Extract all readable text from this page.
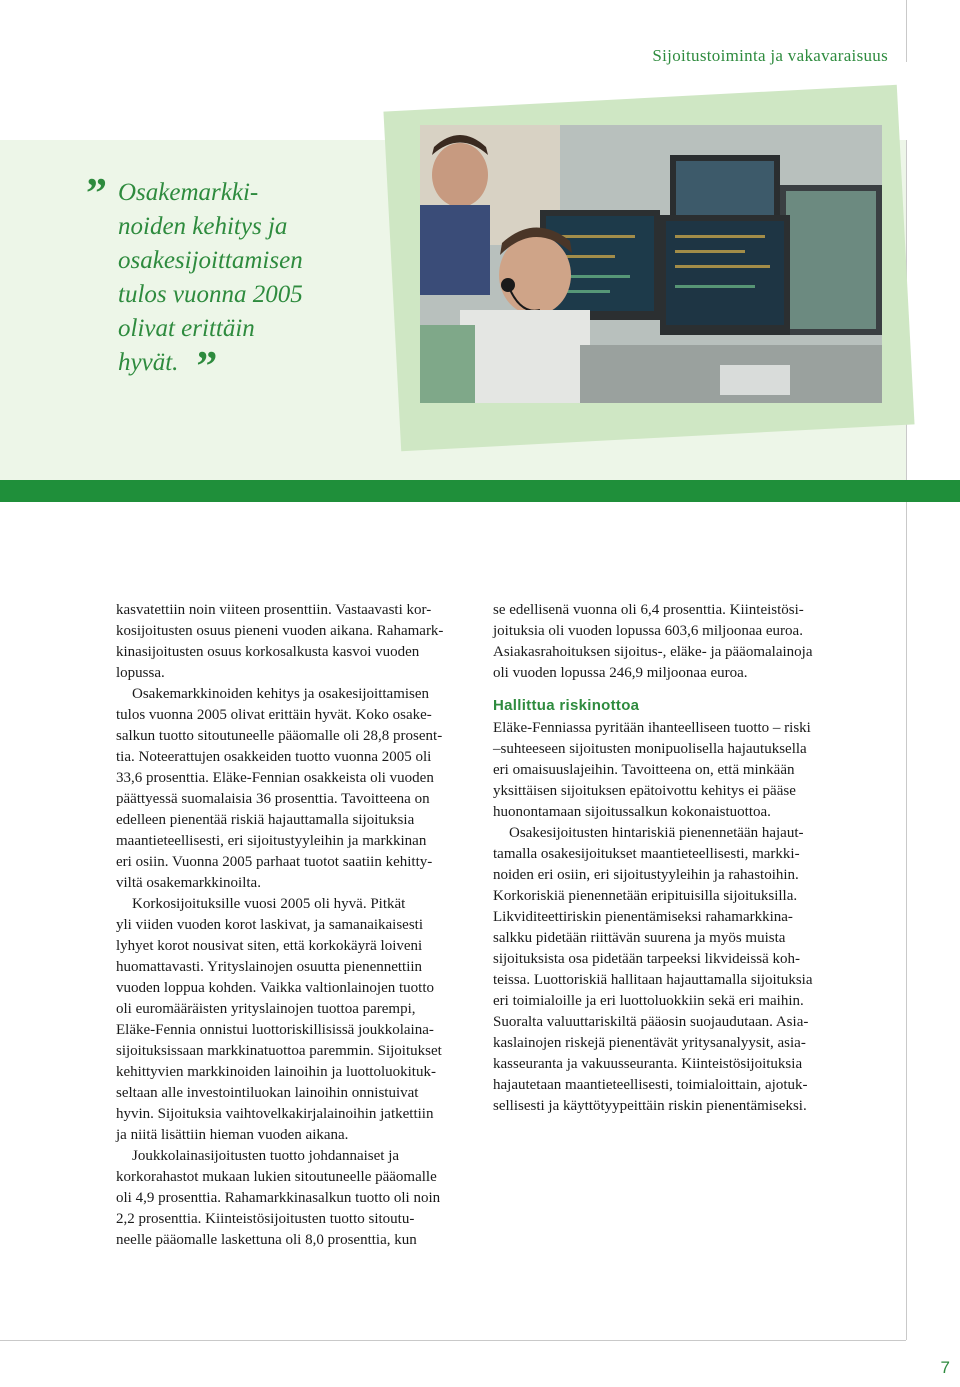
Sijoitustoiminta ja vakavaraisuus
” Osakemarkki-
noiden kehitys ja
osakesijoittamisen
tulos vuonna 2005
olivat erittäin
hyvät. ”

kasvatettiin noin viiteen prosenttiin. Vastaavasti kor-
kosijoitusten osuus pieneni vuoden aikana. Rahamark-
kinasijoitusten osuus korkosalkusta kasvoi vuoden
lopussa.

Osakemarkkinoiden kehitys ja osakesijoittamisen
tulos vuonna 2005 olivat erittäin hyvät. Koko osake-
salkun tuotto sitoutuneelle pääomalle oli 28,8 prosent-
tia. Noteerattujen osakkeiden tuotto vuonna 2005 oli
33,6 prosenttia. Eläke-Fennian osakkeista oli vuoden
päättyessä suomalaisia 36 prosenttia. Tavoitteena on
edelleen pienentää riskiä hajauttamalla sijoituksia
maantieteellisesti, eri sijoitustyyleihin ja markkinan
eri osiin. Vuonna 2005 parhaat tuotot saatiin kehitty-
viltä osakemarkkinoilta.

Korkosijoituksille vuosi 2005 oli hyvä. Pitkät
yli viiden vuoden korot laskivat, ja samanaikaisesti
lyhyet korot nousivat siten, että korkokäyrä loiveni
huomattavasti. Yrityslainojen osuutta pienennettiin
vuoden loppua kohden. Vaikka valtionlainojen tuotto
oli euromääräisten yrityslainojen tuottoa parempi,
Eläke-Fennia onnistui luottoriskillisissä joukkolaina-
sijoituksissaan markkinatuottoa paremmin. Sijoitukset
kehittyvien markkinoiden lainoihin ja luottoluokituk-
seltaan alle investointiluokan lainoihin onnistuivat
hyvin. Sijoituksia vaihtovelkakirjalainoihin jatkettiin
ja niitä lisättiin hieman vuoden aikana.

Joukkolainasijoitusten tuotto johdannaiset ja
korkorahastot mukaan lukien sitoutuneelle pääomalle
oli 4,9 prosenttia. Rahamarkkinasalkun tuotto oli noin
2,2 prosenttia. Kiinteistösijoitusten tuotto sitoutu-
neelle pääomalle laskettuna oli 8,0 prosenttia, kun

se edellisenä vuonna oli 6,4 prosenttia. Kiinteistösi-
joituksia oli vuoden lopussa 603,6 miljoonaa euroa.
Asiakasrahoituksen sijoitus-, eläke- ja pääomalainoja
oli vuoden lopussa 246,9 miljoonaa euroa.

Hallittua riskinottoa

Eläke-Fenniassa pyritään ihanteelliseen tuotto – riski
–suhteeseen sijoitusten monipuolisella hajautuksella
eri omaisuuslajeihin. Tavoitteena on, että minkään
yksittäisen sijoituksen epätoivottu kehitys ei pääse
huonontamaan sijoitussalkun kokonaistuottoa.

Osakesijoitusten hintariskiä pienennetään hajaut-
tamalla osakesijoitukset maantieteellisesti, markki-
noiden eri osiin, eri sijoitustyyleihin ja rahastoihin.
Korkoriskiä pienennetään eripituisilla sijoituksilla.
Likviditeettiriskin pienentämiseksi rahamarkkina-
salkku pidetään riittävän suurena ja myös muista
sijoituksista osa pidetään tarpeeksi likvideissä koh-
teissa. Luottoriskiä hallitaan hajauttamalla sijoituksia
eri toimialoille ja eri luottoluokkiin sekä eri maihin.
Suoralta valuuttariskiltä pääosin suojaudutaan. Asia-
kaslainojen riskejä pienentävät yritysanalyysit, asia-
kasseuranta ja vakuusseuranta. Kiinteistösijoituksia
hajautetaan maantieteellisesti, toimialoittain, ajotuk-
sellisesti ja käyttötyypeittäin riskin pienentämiseksi.

7
